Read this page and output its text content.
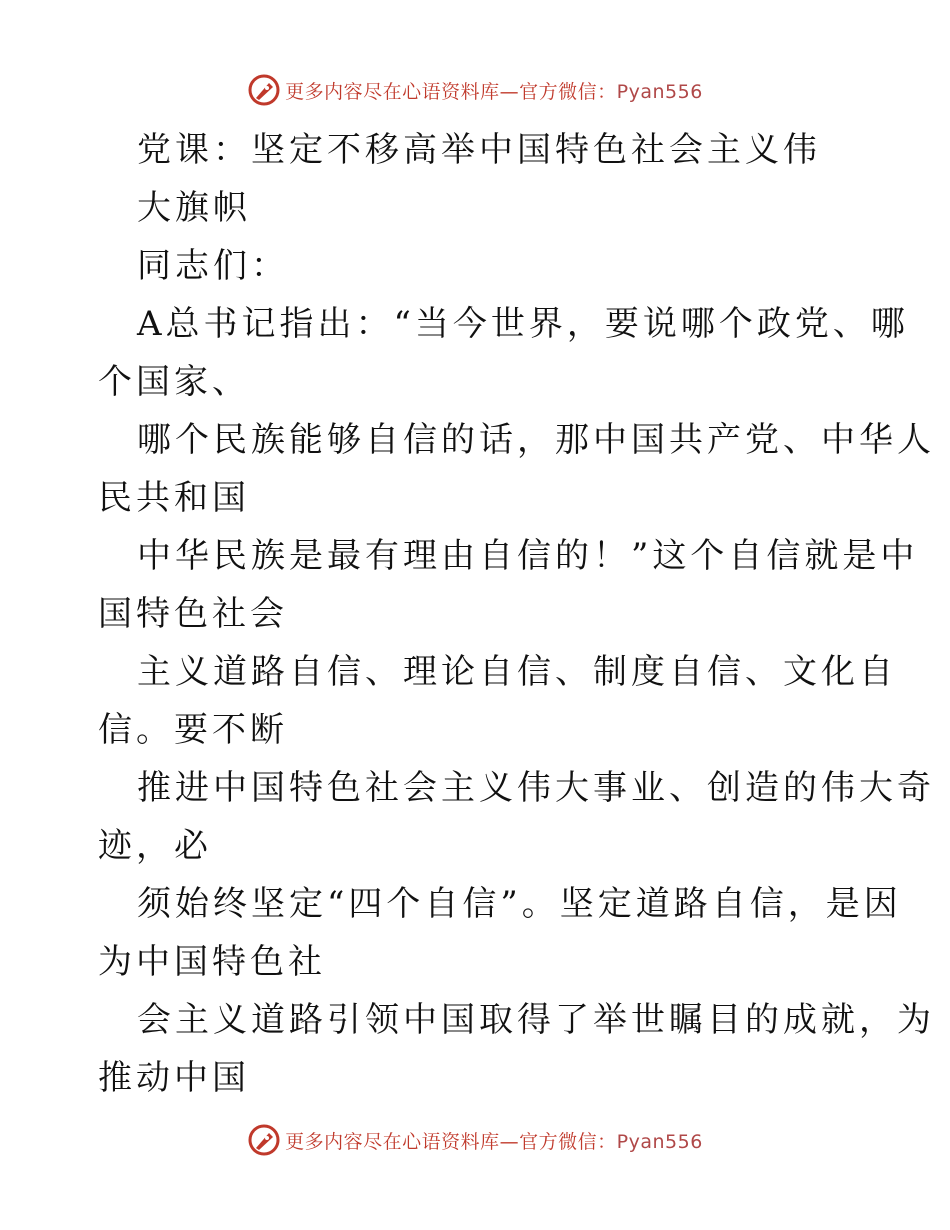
更多内容尽在心语资料库—官方微信：Pyan556
党课：坚定不移高举中国特色社会主义伟
大旗帜
同志们：
A总书记指出：“当今世界，要说哪个政党、哪
个国家、
哪个民族能够自信的话，那中国共产党、中华人
民共和国
中华民族是最有理由自信的！”这个自信就是中
国特色社会
主义道路自信、理论自信、制度自信、文化自
信。要不断
推进中国特色社会主义伟大事业、创造的伟大奇
迹，必
须始终坚定“四个自信”。坚定道路自信，是因
为中国特色社
会主义道路引领中国取得了举世瞩目的成就，为
推动中国
更多内容尽在心语资料库—官方微信：Pyan556
